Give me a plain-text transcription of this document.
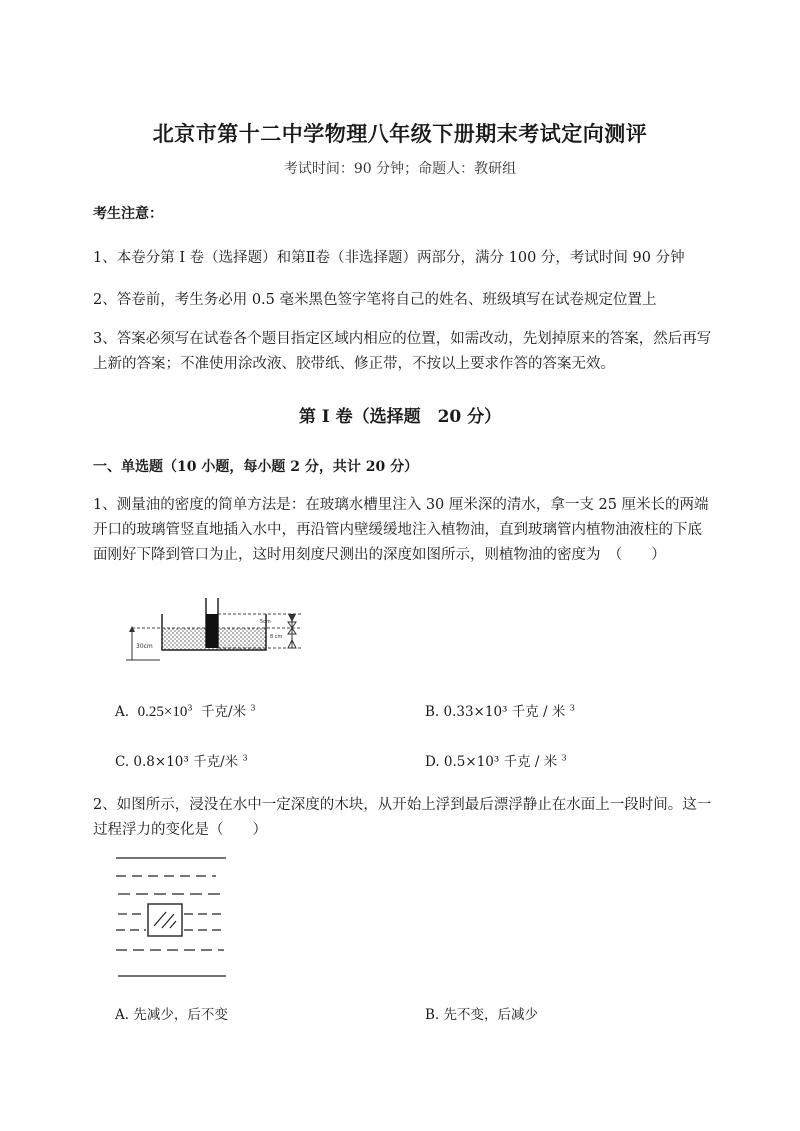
北京市第十二中学物理八年级下册期末考试定向测评
考试时间：90 分钟；命题人：教研组
考生注意：
1、本卷分第 I 卷（选择题）和第Ⅱ卷（非选择题）两部分，满分 100 分，考试时间 90 分钟
2、答卷前，考生务必用 0.5 毫米黑色签字笔将自己的姓名、班级填写在试卷规定位置上
3、答案必须写在试卷各个题目指定区域内相应的位置，如需改动，先划掉原来的答案，然后再写上新的答案；不准使用涂改液、胶带纸、修正带，不按以上要求作答的答案无效。
第 I 卷（选择题　20 分）
一、单选题（10 小题，每小题 2 分，共计 20 分）
1、测量油的密度的简单方法是：在玻璃水槽里注入 30 厘米深的清水，拿一支 25 厘米长的两端开口的玻璃管竖直地插入水中，再沿管内壁缓缓地注入植物油，直到玻璃管内植物油液柱的下底面刚好下降到管口为止，这时用刻度尺测出的深度如图所示，则植物油的密度为　（　　）
30cm
5cm
8 cm
A. $0.25\times 10^3$ 千克/米 $^3$	B. 0.33×10³ 千克 / 米 $^3$
C. 0.8×10³ 千克/米 $^3$	D. 0.5×10³ 千克 / 米 $^3$
2、如图所示，浸没在水中一定深度的木块，从开始上浮到最后漂浮静止在水面上一段时间。这一过程浮力的变化是（　　）
A. 先减少，后不变	B. 先不变，后减少
